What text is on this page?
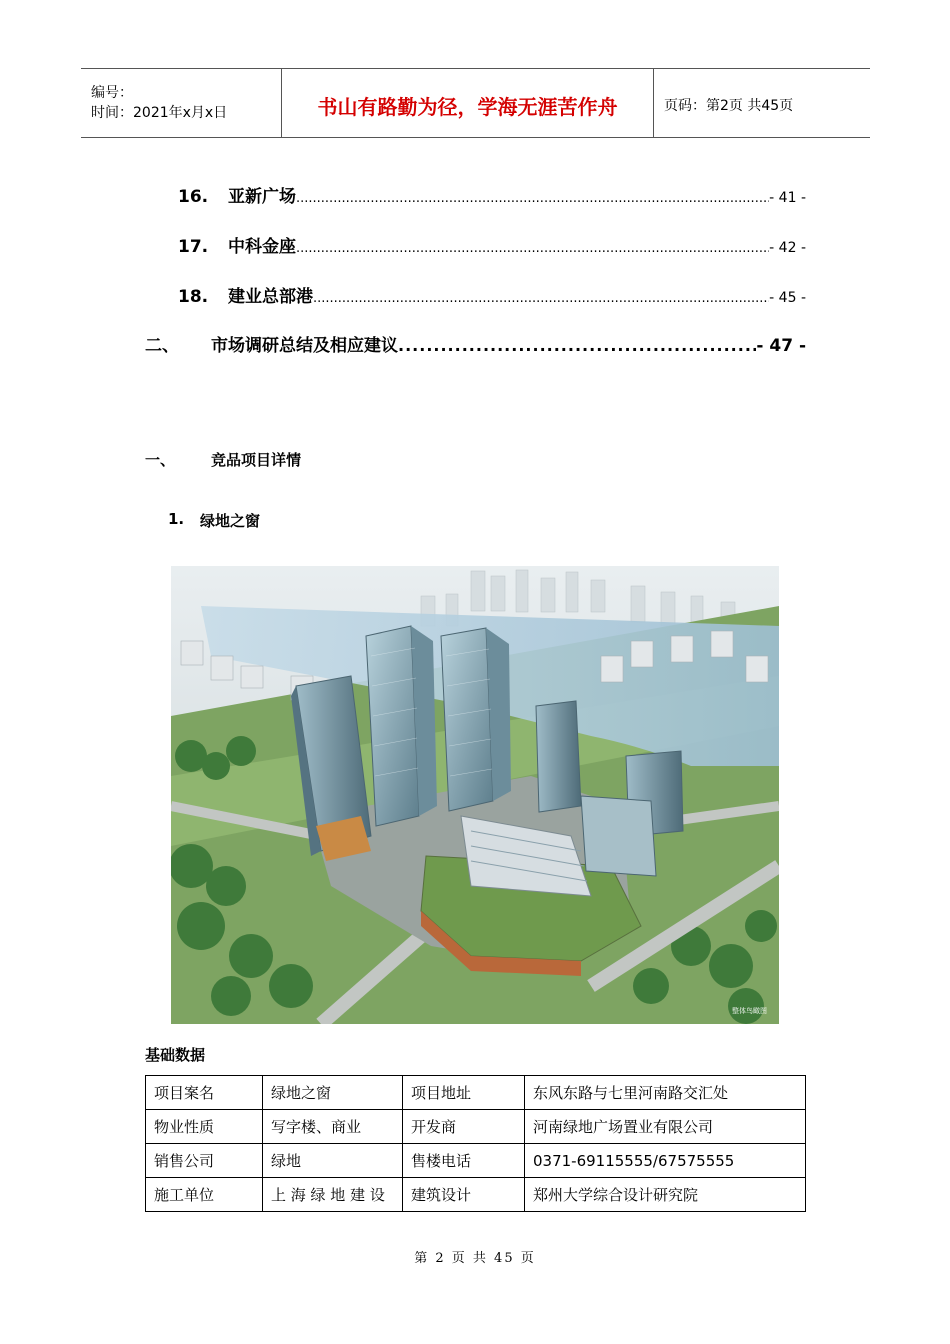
编号：
时间：2021年x月x日	书山有路勤为径，学海无涯苦作舟	页码：第2页 共45页
16.	亚新广场 .....	- 41 -
17.	中科金座 .....	- 42 -
18.	建业总部港 .....	- 45 -
二、	市场调研总结及相应建议 .....	- 47 -
一、	竞品项目详情
1.	绿地之窗
整体鸟瞰图
基础数据
项目案名	绿地之窗	项目地址	东风东路与七里河南路交汇处
物业性质	写字楼、商业	开发商	河南绿地广场置业有限公司
销售公司	绿地	售楼电话	0371-69115555/67575555
施工单位	上 海 绿 地 建 设	建筑设计	郑州大学综合设计研究院
第 2 页 共 45 页
